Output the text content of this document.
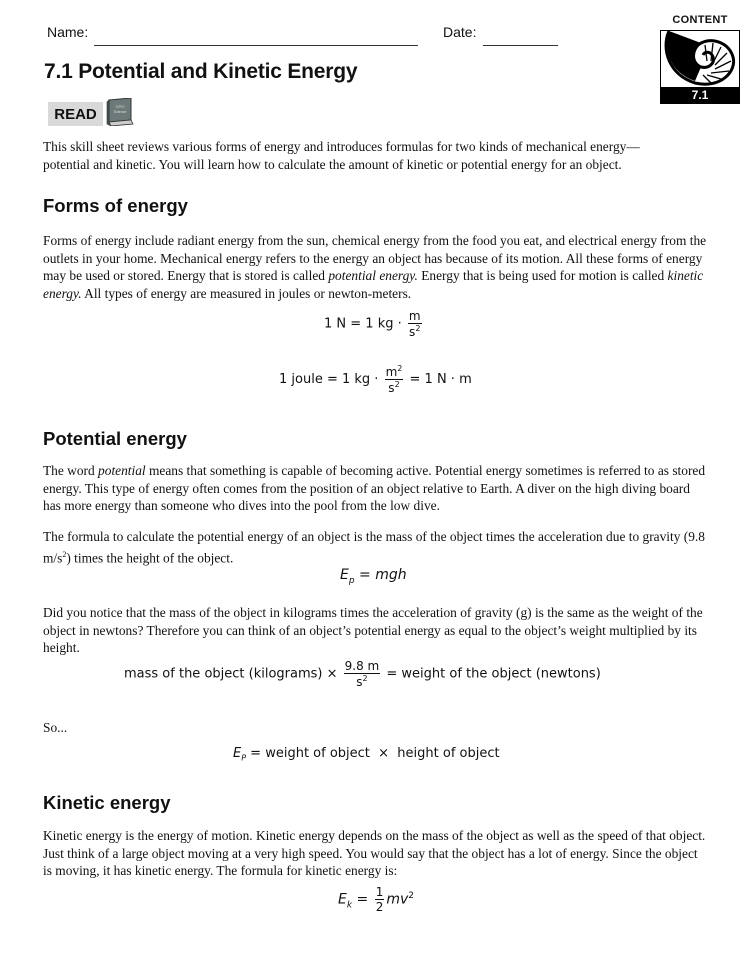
Name:	Date:
CONTENT
7.1
7.1 Potential and Kinetic Energy
READ	CPO
Science
This skill sheet reviews various forms of energy and introduces formulas for two kinds of mechanical energy—
potential and kinetic. You will learn how to calculate the amount of kinetic or potential energy for an object.
Forms of energy
Forms of energy include radiant energy from the sun, chemical energy from the food you eat, and electrical energy from the outlets in your home. Mechanical energy refers to the energy an object has because of its motion. All these forms of energy may be used or stored. Energy that is stored is called potential energy. Energy that is being used for motion is called kinetic energy. All types of energy are measured in joules or newton-meters.
1 N = 1 kg · $\frac{m}{s^2}$
1 joule = 1 kg · $\frac{m^2}{s^2} = 1$ N · m
Potential energy
The word potential means that something is capable of becoming active. Potential energy sometimes is referred to as stored energy. This type of energy often comes from the position of an object relative to Earth. A diver on the high diving board has more energy than someone who dives into the pool from the low dive.
The formula to calculate the potential energy of an object is the mass of the object times the acceleration due to gravity (9.8 $m/s^2$) times the height of the object.
$E_p$ = mgh
Did you notice that the mass of the object in kilograms times the acceleration of gravity (g) is the same as the weight of the object in newtons? Therefore you can think of an object’s potential energy as equal to the object’s weight multiplied by its height.
mass of the object (kilograms) × $\frac{9.8 m}{s^2}$ = weight of the object (newtons)
So...
$E_P$ = weight of object  ×  height of object
Kinetic energy
Kinetic energy is the energy of motion. Kinetic energy depends on the mass of the object as well as the speed of that object. Just think of a large object moving at a very high speed. You would say that the object has a lot of energy. Since the object is moving, it has kinetic energy. The formula for kinetic energy is:
$E_k = \frac{1}{2} mv^2$
